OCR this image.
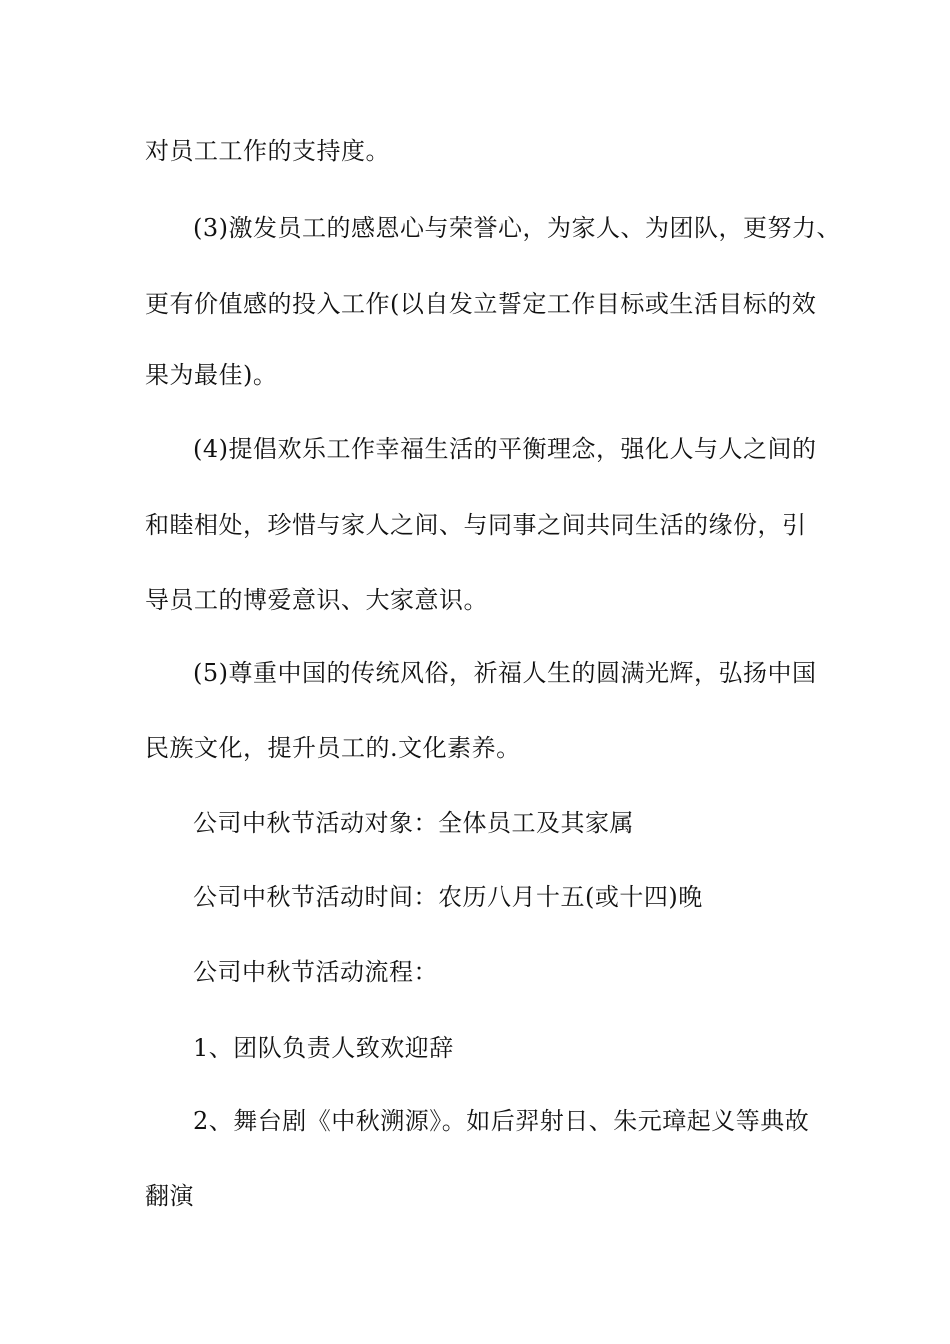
对员工工作的支持度。
(3)激发员工的感恩心与荣誉心，为家人、为团队，更努力、
更有价值感的投入工作(以自发立誓定工作目标或生活目标的效
果为最佳)。
(4)提倡欢乐工作幸福生活的平衡理念，强化人与人之间的
和睦相处，珍惜与家人之间、与同事之间共同生活的缘份，引
导员工的博爱意识、大家意识。
(5)尊重中国的传统风俗，祈福人生的圆满光辉，弘扬中国
民族文化，提升员工的.文化素养。
公司中秋节活动对象：全体员工及其家属
公司中秋节活动时间：农历八月十五(或十四)晚
公司中秋节活动流程：
1、团队负责人致欢迎辞
2、舞台剧《中秋溯源》。如后羿射日、朱元璋起义等典故
翻演
